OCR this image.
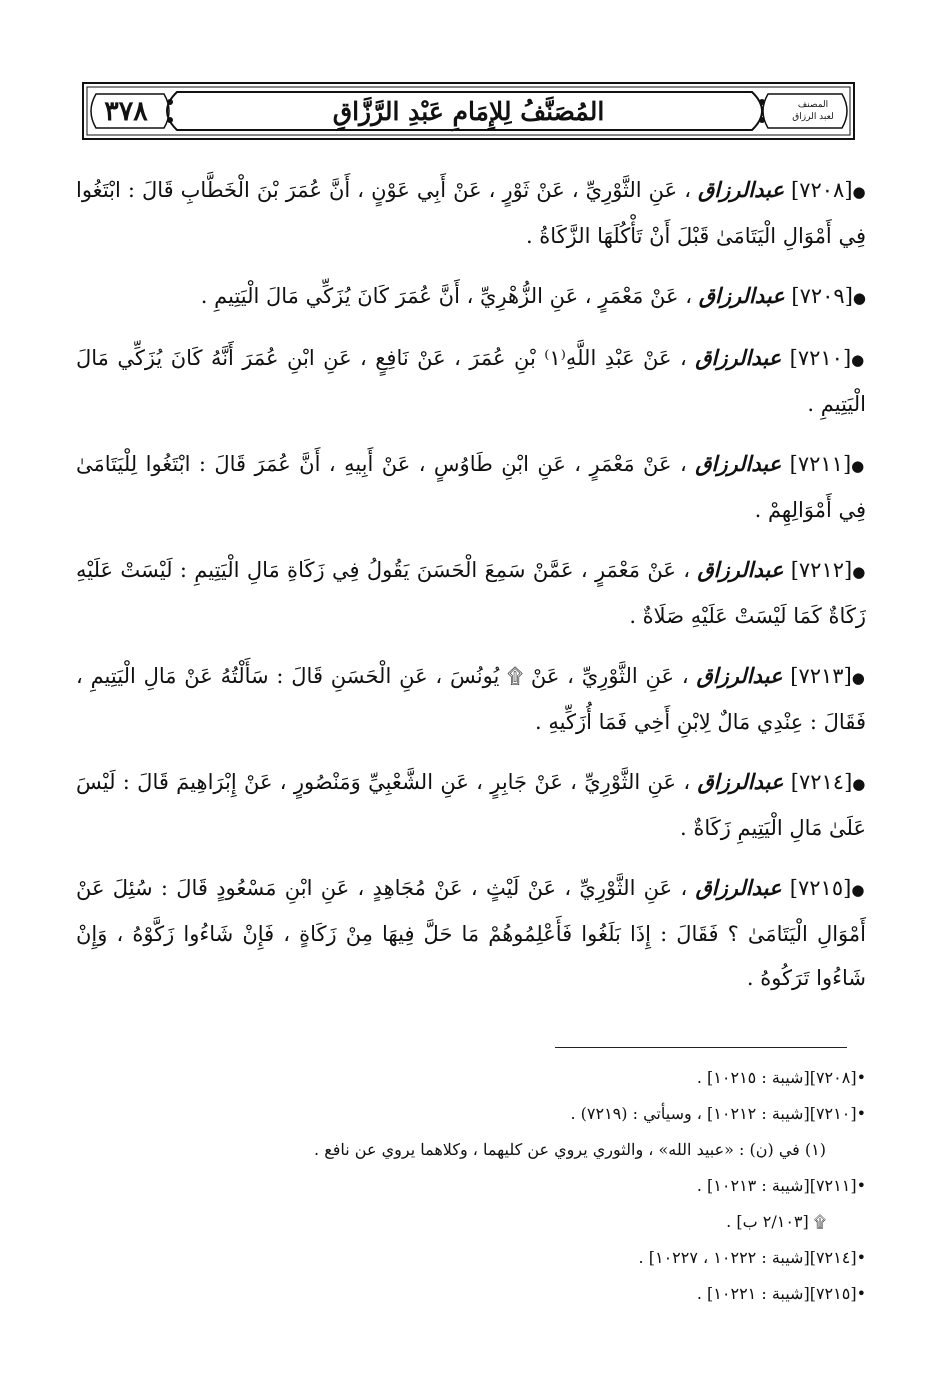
٣٧٨	المُصَنَّفُ لِلإِمَامِ عَبْدِ الرَّزَّاقِ	المصنف
لعبد الرزاق

●[٧٢٠٨] عبدالرزاق ، عَنِ الثَّوْرِيِّ ، عَنْ ثَوْرٍ ، عَنْ أَبِي عَوْنٍ ، أَنَّ عُمَرَ بْنَ الْخَطَّابِ قَالَ : ابْتَغُوا فِي أَمْوَالِ الْيَتَامَىٰ قَبْلَ أَنْ تَأْكُلَهَا الزَّكَاةُ .

●[٧٢٠٩] عبدالرزاق ، عَنْ مَعْمَرٍ ، عَنِ الزُّهْرِيِّ ، أَنَّ عُمَرَ كَانَ يُزَكِّي مَالَ الْيَتِيمِ .

●[٧٢١٠] عبدالرزاق ، عَنْ عَبْدِ اللَّهِ⁽١⁾ بْنِ عُمَرَ ، عَنْ نَافِعٍ ، عَنِ ابْنِ عُمَرَ أَنَّهُ كَانَ يُزَكِّي مَالَ الْيَتِيمِ .

●[٧٢١١] عبدالرزاق ، عَنْ مَعْمَرٍ ، عَنِ ابْنِ طَاوُسٍ ، عَنْ أَبِيهِ ، أَنَّ عُمَرَ قَالَ : ابْتَغُوا لِلْيَتَامَىٰ فِي أَمْوَالِهِمْ .

●[٧٢١٢] عبدالرزاق ، عَنْ مَعْمَرٍ ، عَمَّنْ سَمِعَ الْحَسَنَ يَقُولُ فِي زَكَاةِ مَالِ الْيَتِيمِ : لَيْسَتْ عَلَيْهِ زَكَاةٌ كَمَا لَيْسَتْ عَلَيْهِ صَلَاةٌ .

●[٧٢١٣] عبدالرزاق ، عَنِ الثَّوْرِيِّ ، عَنْ ۩ يُونُسَ ، عَنِ الْحَسَنِ قَالَ : سَأَلْتُهُ عَنْ مَالِ الْيَتِيمِ ، فَقَالَ : عِنْدِي مَالٌ لِابْنِ أَخِي فَمَا أُزَكِّيهِ .

●[٧٢١٤] عبدالرزاق ، عَنِ الثَّوْرِيِّ ، عَنْ جَابِرٍ ، عَنِ الشَّعْبِيِّ وَمَنْصُورٍ ، عَنْ إِبْرَاهِيمَ قَالَ : لَيْسَ عَلَىٰ مَالِ الْيَتِيمِ زَكَاةٌ .

●[٧٢١٥] عبدالرزاق ، عَنِ الثَّوْرِيِّ ، عَنْ لَيْثٍ ، عَنْ مُجَاهِدٍ ، عَنِ ابْنِ مَسْعُودٍ قَالَ : سُئِلَ عَنْ أَمْوَالِ الْيَتَامَىٰ ؟ فَقَالَ : إِذَا بَلَغُوا فَأَعْلِمُوهُمْ مَا حَلَّ فِيهَا مِنْ زَكَاةٍ ، فَإِنْ شَاءُوا زَكَّوْهُ ، وَإِنْ شَاءُوا تَرَكُوهُ .

•[٧٢٠٨][شيبة : ١٠٢١٥] .
•[٧٢١٠][شيبة : ١٠٢١٢] ، وسيأتي : (٧٢١٩) .
(١) في (ن) : «عبيد الله» ، والثوري يروي عن كليهما ، وكلاهما يروي عن نافع .
•[٧٢١١][شيبة : ١٠٢١٣] .
۩ [٢/١٠٣ ب] .
•[٧٢١٤][شيبة : ١٠٢٢٢ ، ١٠٢٢٧] .
•[٧٢١٥][شيبة : ١٠٢٢١] .
